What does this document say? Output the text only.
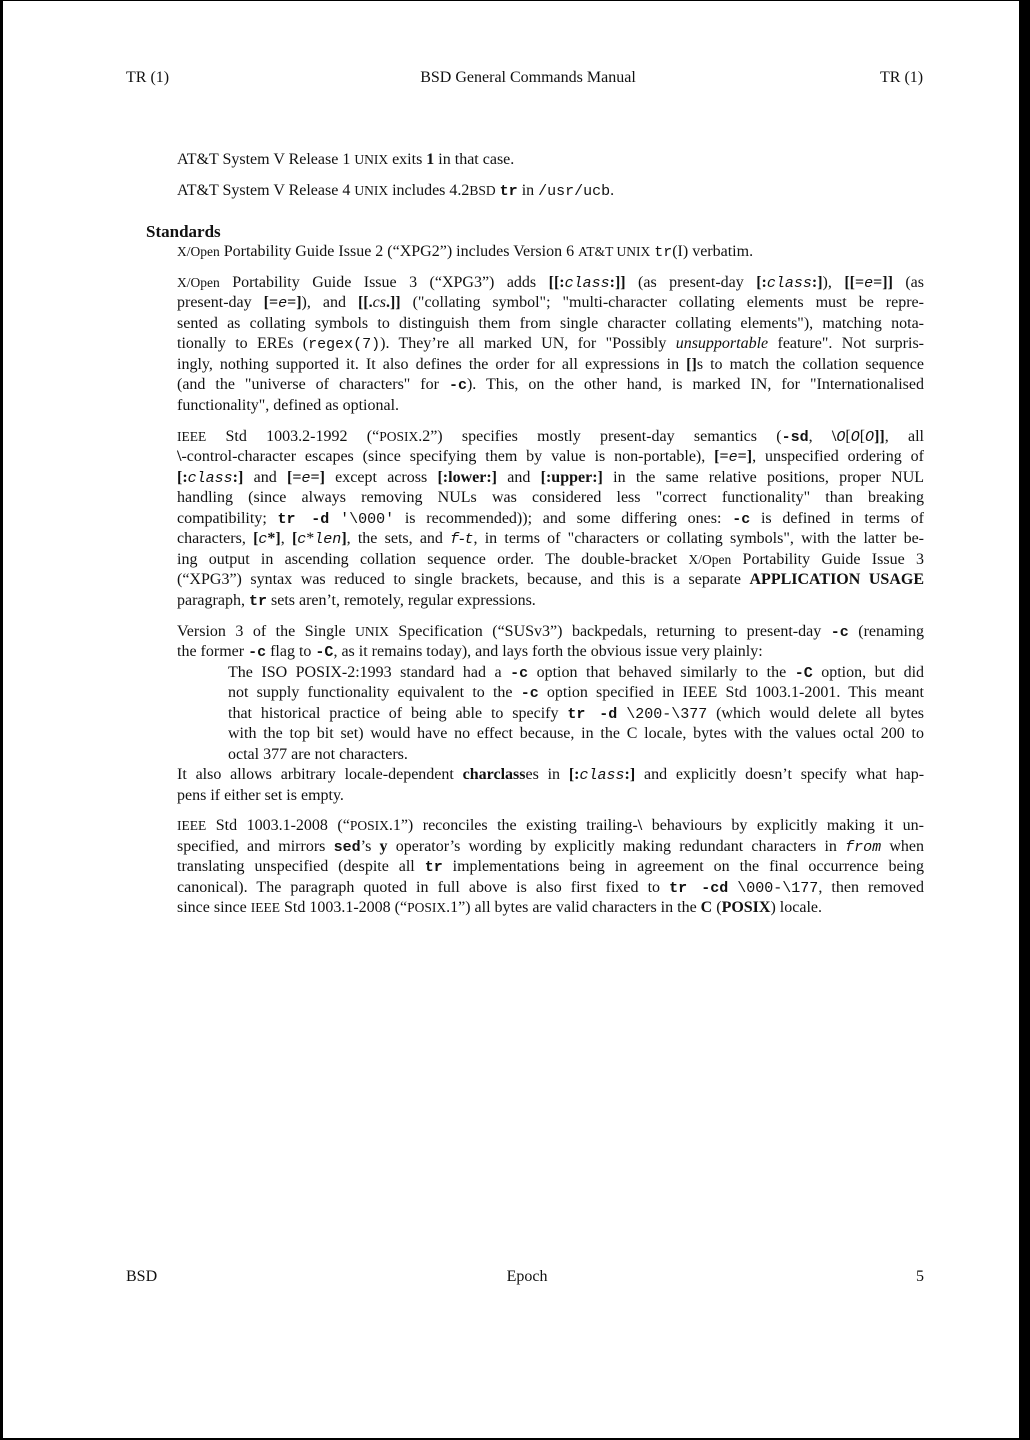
TR (1)	BSD General Commands Manual	TR (1)
AT&T System V Release 1 UNIX exits 1 in that case.
AT&T System V Release 4 UNIX includes 4.2BSD tr in /usr/ucb.
Standards
X/Open Portability Guide Issue 2 (“XPG2”) includes Version 6 AT&T UNIX tr(I) verbatim.
X/Open Portability Guide Issue 3 (“XPG3”) adds [[:class:]] (as present-day [:class:]), [[=e=]] (as
present-day [=e=]), and [[.cs.]] ("collating symbol"; "multi-character collating elements must be repre-
sented as collating symbols to distinguish them from single character collating elements"), matching nota-
tionally to EREs (regex(7)). They’re all marked UN, for "Possibly unsupportable feature". Not surpris-
ingly, nothing supported it. It also defines the order for all expressions in []s to match the collation sequence
(and the "universe of characters" for -c). This, on the other hand, is marked IN, for "Internationalised
functionality", defined as optional.
IEEE Std 1003.2-1992 (“POSIX.2”) specifies mostly present-day semantics (-sd, \O[O[O]], all
\-control-character escapes (since specifying them by value is non-portable), [=e=], unspecified ordering of
[:class:] and [=e=] except across [:lower:] and [:upper:] in the same relative positions, proper NUL
handling (since always removing NULs was considered less "correct functionality" than breaking
compatibility; tr -d '\000' is recommended)); and some differing ones: -c is defined in terms of
characters, [c*], [c*len], the sets, and f-t, in terms of "characters or collating symbols", with the latter be-
ing output in ascending collation sequence order. The double-bracket X/Open Portability Guide Issue 3
(“XPG3”) syntax was reduced to single brackets, because, and this is a separate APPLICATION USAGE
paragraph, tr sets aren’t, remotely, regular expressions.
Version 3 of the Single UNIX Specification (“SUSv3”) backpedals, returning to present-day -c (renaming
the former -c flag to -C, as it remains today), and lays forth the obvious issue very plainly:
The ISO POSIX-2:1993 standard had a -c option that behaved similarly to the -C option, but did
not supply functionality equivalent to the -c option specified in IEEE Std 1003.1-2001. This meant
that historical practice of being able to specify tr -d \200-\377 (which would delete all bytes
with the top bit set) would have no effect because, in the C locale, bytes with the values octal 200 to
octal 377 are not characters.
It also allows arbitrary locale-dependent charclasses in [:class:] and explicitly doesn’t specify what hap-
pens if either set is empty.
IEEE Std 1003.1-2008 (“POSIX.1”) reconciles the existing trailing-\ behaviours by explicitly making it un-
specified, and mirrors sed’s y operator’s wording by explicitly making redundant characters in from when
translating unspecified (despite all tr implementations being in agreement on the final occurrence being
canonical). The paragraph quoted in full above is also first fixed to tr -cd \000-\177, then removed
since since IEEE Std 1003.1-2008 (“POSIX.1”) all bytes are valid characters in the C (POSIX) locale.
BSD	Epoch	5
